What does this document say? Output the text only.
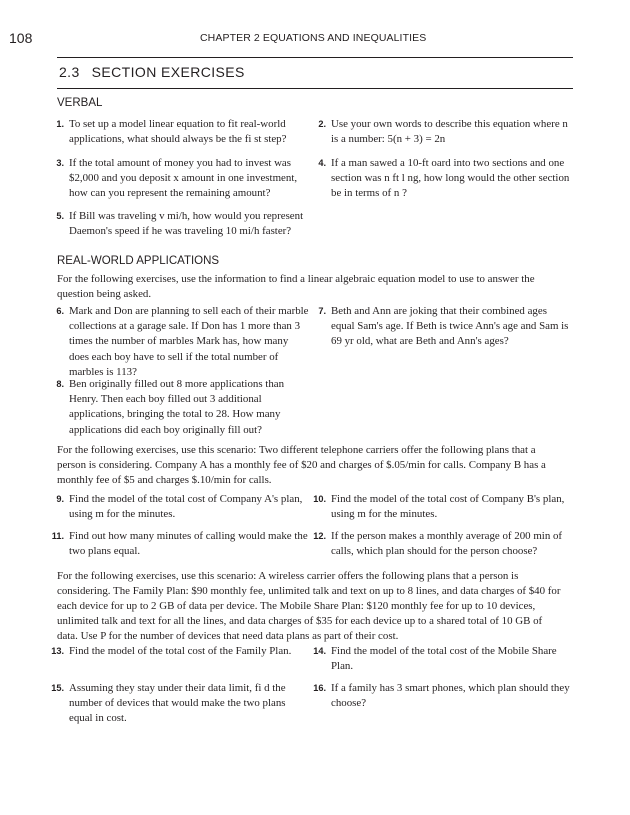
108	CHAPTER 2 EQUATIONS AND INEQUALITIES
2.3 SECTION EXERCISES
VERBAL
1. To set up a model linear equation to fit real-world applications, what should always be the fi st step?
2. Use your own words to describe this equation where n is a number: 5(n + 3) = 2n
3. If the total amount of money you had to invest was $2,000 and you deposit x amount in one investment, how can you represent the remaining amount?
4. If a man sawed a 10-ft oard into two sections and one section was n ft l ng, how long would the other section be in terms of n ?
5. If Bill was traveling v mi/h, how would you represent Daemon's speed if he was traveling 10 mi/h faster?
REAL-WORLD APPLICATIONS
For the following exercises, use the information to find a linear algebraic equation model to use to answer the question being asked.
6. Mark and Don are planning to sell each of their marble collections at a garage sale. If Don has 1 more than 3 times the number of marbles Mark has, how many does each boy have to sell if the total number of marbles is 113?
7. Beth and Ann are joking that their combined ages equal Sam's age. If Beth is twice Ann's age and Sam is 69 yr old, what are Beth and Ann's ages?
8. Ben originally filled out 8 more applications than Henry. Then each boy filled out 3 additional applications, bringing the total to 28. How many applications did each boy originally fill out?
For the following exercises, use this scenario: Two different telephone carriers offer the following plans that a person is considering. Company A has a monthly fee of $20 and charges of $.05/min for calls. Company B has a monthly fee of $5 and charges $.10/min for calls.
9. Find the model of the total cost of Company A's plan, using m for the minutes.
10. Find the model of the total cost of Company B's plan, using m for the minutes.
11. Find out how many minutes of calling would make the two plans equal.
12. If the person makes a monthly average of 200 min of calls, which plan should for the person choose?
For the following exercises, use this scenario: A wireless carrier offers the following plans that a person is considering. The Family Plan: $90 monthly fee, unlimited talk and text on up to 8 lines, and data charges of $40 for each device for up to 2 GB of data per device. The Mobile Share Plan: $120 monthly fee for up to 10 devices, unlimited talk and text for all the lines, and data charges of $35 for each device up to a shared total of 10 GB of data. Use P for the number of devices that need data plans as part of their cost.
13. Find the model of the total cost of the Family Plan.	14. Find the model of the total cost of the Mobile Share Plan.
15. Assuming they stay under their data limit, fi d the number of devices that would make the two plans equal in cost.
16. If a family has 3 smart phones, which plan should they choose?
